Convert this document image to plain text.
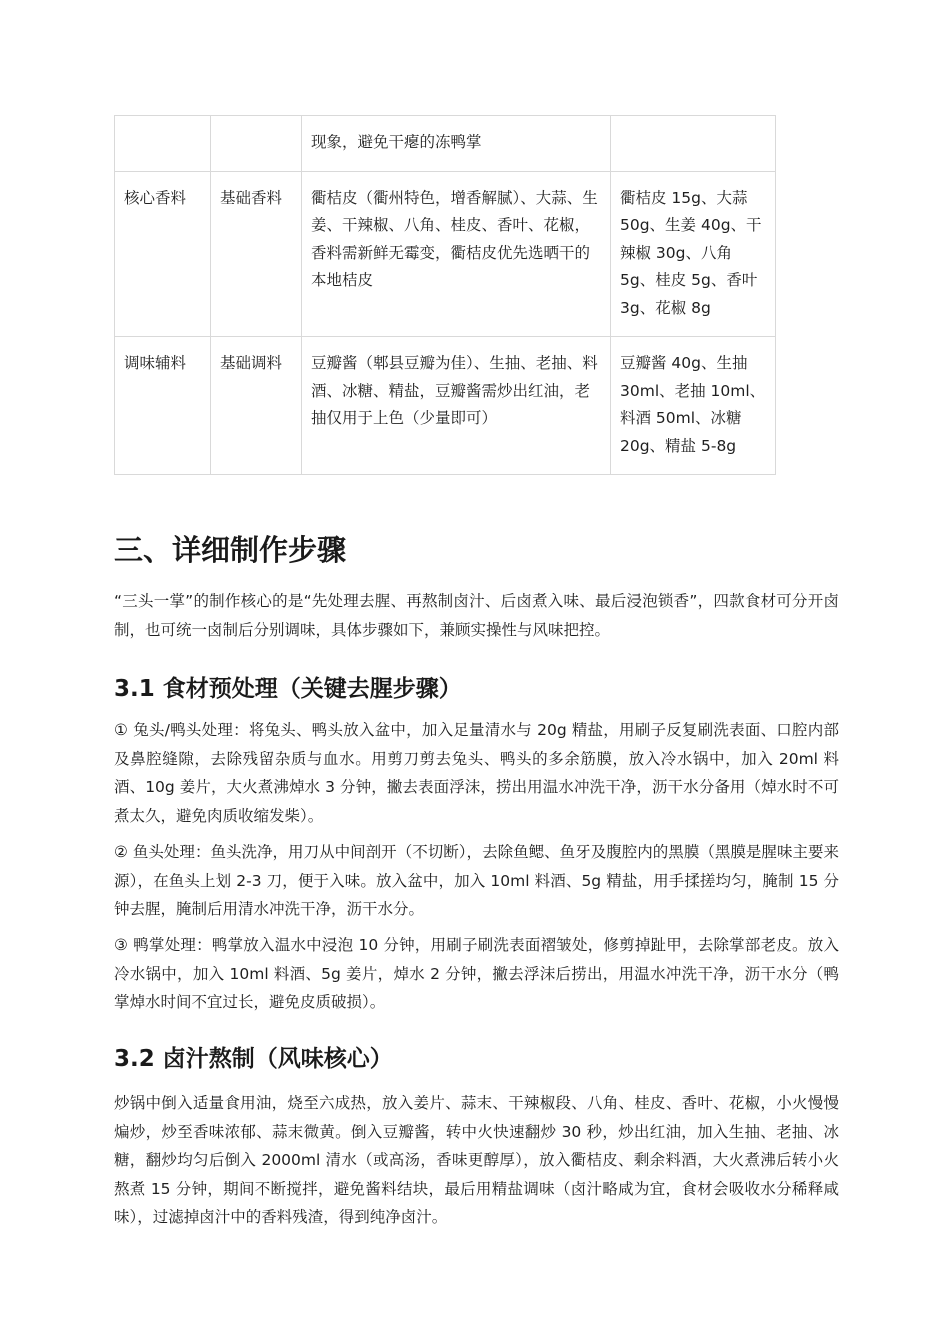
		现象，避免干瘪的冻鸭掌	
核心香料	基础香料	衢桔皮（衢州特色，增香解腻）、大蒜、生姜、干辣椒、八角、桂皮、香叶、花椒，香料需新鲜无霉变，衢桔皮优先选晒干的本地桔皮	衢桔皮 15g、大蒜 50g、生姜 40g、干辣椒 30g、八角 5g、桂皮 5g、香叶 3g、花椒 8g
调味辅料	基础调料	豆瓣酱（郫县豆瓣为佳）、生抽、老抽、料酒、冰糖、精盐，豆瓣酱需炒出红油，老抽仅用于上色（少量即可）	豆瓣酱 40g、生抽 30ml、老抽 10ml、料酒 50ml、冰糖 20g、精盐 5-8g
三、详细制作步骤

“三头一掌”的制作核心的是“先处理去腥、再熬制卤汁、后卤煮入味、最后浸泡锁香”，四款食材可分开卤制，也可统一卤制后分别调味，具体步骤如下，兼顾实操性与风味把控。

3.1 食材预处理（关键去腥步骤）

① 兔头/鸭头处理：将兔头、鸭头放入盆中，加入足量清水与 20g 精盐，用刷子反复刷洗表面、口腔内部及鼻腔缝隙，去除残留杂质与血水。用剪刀剪去兔头、鸭头的多余筋膜，放入冷水锅中，加入 20ml 料酒、10g 姜片，大火煮沸焯水 3 分钟，撇去表面浮沫，捞出用温水冲洗干净，沥干水分备用（焯水时不可煮太久，避免肉质收缩发柴）。

② 鱼头处理：鱼头洗净，用刀从中间剖开（不切断），去除鱼鳃、鱼牙及腹腔内的黑膜（黑膜是腥味主要来源），在鱼头上划 2-3 刀，便于入味。放入盆中，加入 10ml 料酒、5g 精盐，用手揉搓均匀，腌制 15 分钟去腥，腌制后用清水冲洗干净，沥干水分。

③ 鸭掌处理：鸭掌放入温水中浸泡 10 分钟，用刷子刷洗表面褶皱处，修剪掉趾甲，去除掌部老皮。放入冷水锅中，加入 10ml 料酒、5g 姜片，焯水 2 分钟，撇去浮沫后捞出，用温水冲洗干净，沥干水分（鸭掌焯水时间不宜过长，避免皮质破损）。

3.2 卤汁熬制（风味核心）

炒锅中倒入适量食用油，烧至六成热，放入姜片、蒜末、干辣椒段、八角、桂皮、香叶、花椒，小火慢慢煸炒，炒至香味浓郁、蒜末微黄。倒入豆瓣酱，转中火快速翻炒 30 秒，炒出红油，加入生抽、老抽、冰糖，翻炒均匀后倒入 2000ml 清水（或高汤，香味更醇厚），放入衢桔皮、剩余料酒，大火煮沸后转小火熬煮 15 分钟，期间不断搅拌，避免酱料结块，最后用精盐调味（卤汁略咸为宜，食材会吸收水分稀释咸味），过滤掉卤汁中的香料残渣，得到纯净卤汁。
